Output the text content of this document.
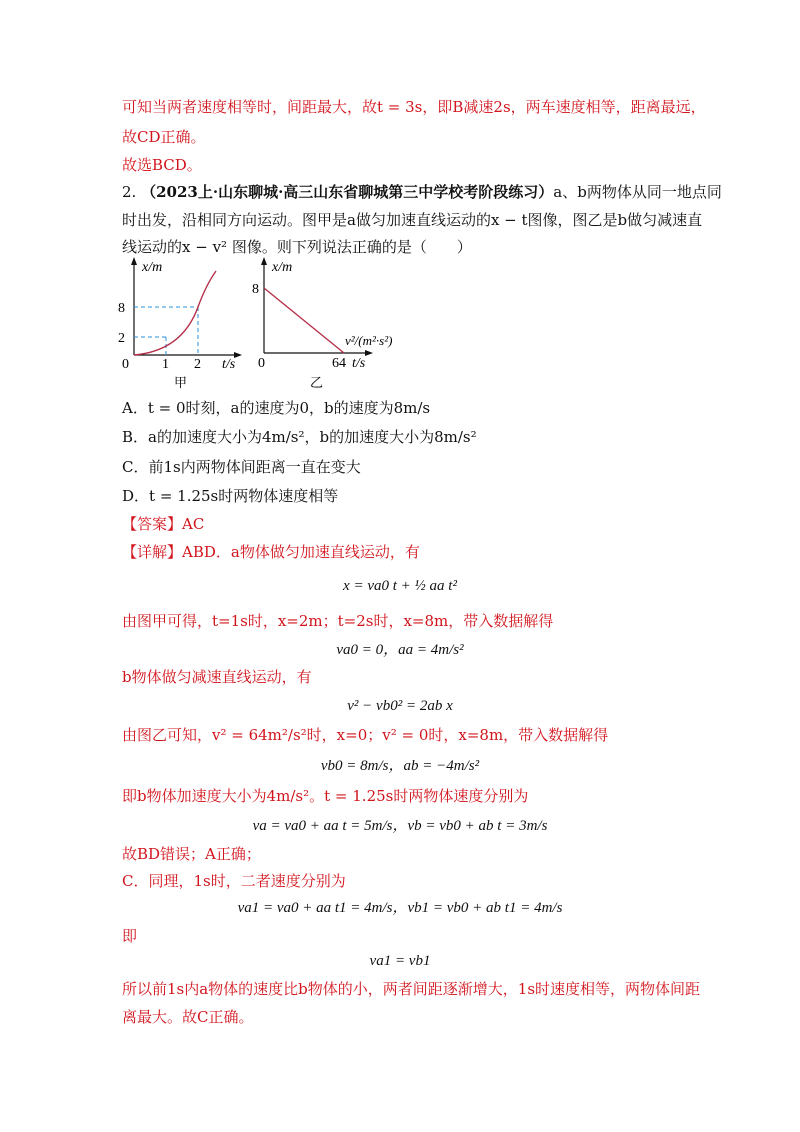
可知当两者速度相等时，间距最大，故t = 3s，即B减速2s，两车速度相等，距离最远，
故CD正确。
故选BCD。
2. （2023上·山东聊城·高三山东省聊城第三中学校考阶段练习）a、b两物体从同一地点同
时出发，沿相同方向运动。图甲是a做匀加速直线运动的x − t图像，图乙是b做匀减速直
线运动的x − v² 图像。则下列说法正确的是（　　）
x/m
8
2
0 1 2 t/s
甲
x/m
8
v²/(m²·s²)
0	64 t/s
乙
A．t = 0时刻，a的速度为0，b的速度为8m/s
B．a的加速度大小为4m/s²，b的加速度大小为8m/s²
C．前1s内两物体间距离一直在变大
D．t = 1.25s时两物体速度相等
【答案】AC
【详解】ABD．a物体做匀加速直线运动，有
x = va0 t + ½ aa t²
由图甲可得，t=1s时，x=2m；t=2s时，x=8m，带入数据解得
va0 = 0，aa = 4m/s²
b物体做匀减速直线运动，有
v² − vb0² = 2ab x
由图乙可知，v² = 64m²/s²时，x=0；v² = 0时，x=8m，带入数据解得
vb0 = 8m/s，ab = −4m/s²
即b物体加速度大小为4m/s²。t = 1.25s时两物体速度分别为
va = va0 + aa t = 5m/s，vb = vb0 + ab t = 3m/s
故BD错误；A正确；
C．同理，1s时，二者速度分别为
va1 = va0 + aa t1 = 4m/s，vb1 = vb0 + ab t1 = 4m/s
即
va1 = vb1
所以前1s内a物体的速度比b物体的小，两者间距逐渐增大，1s时速度相等，两物体间距
离最大。故C正确。
